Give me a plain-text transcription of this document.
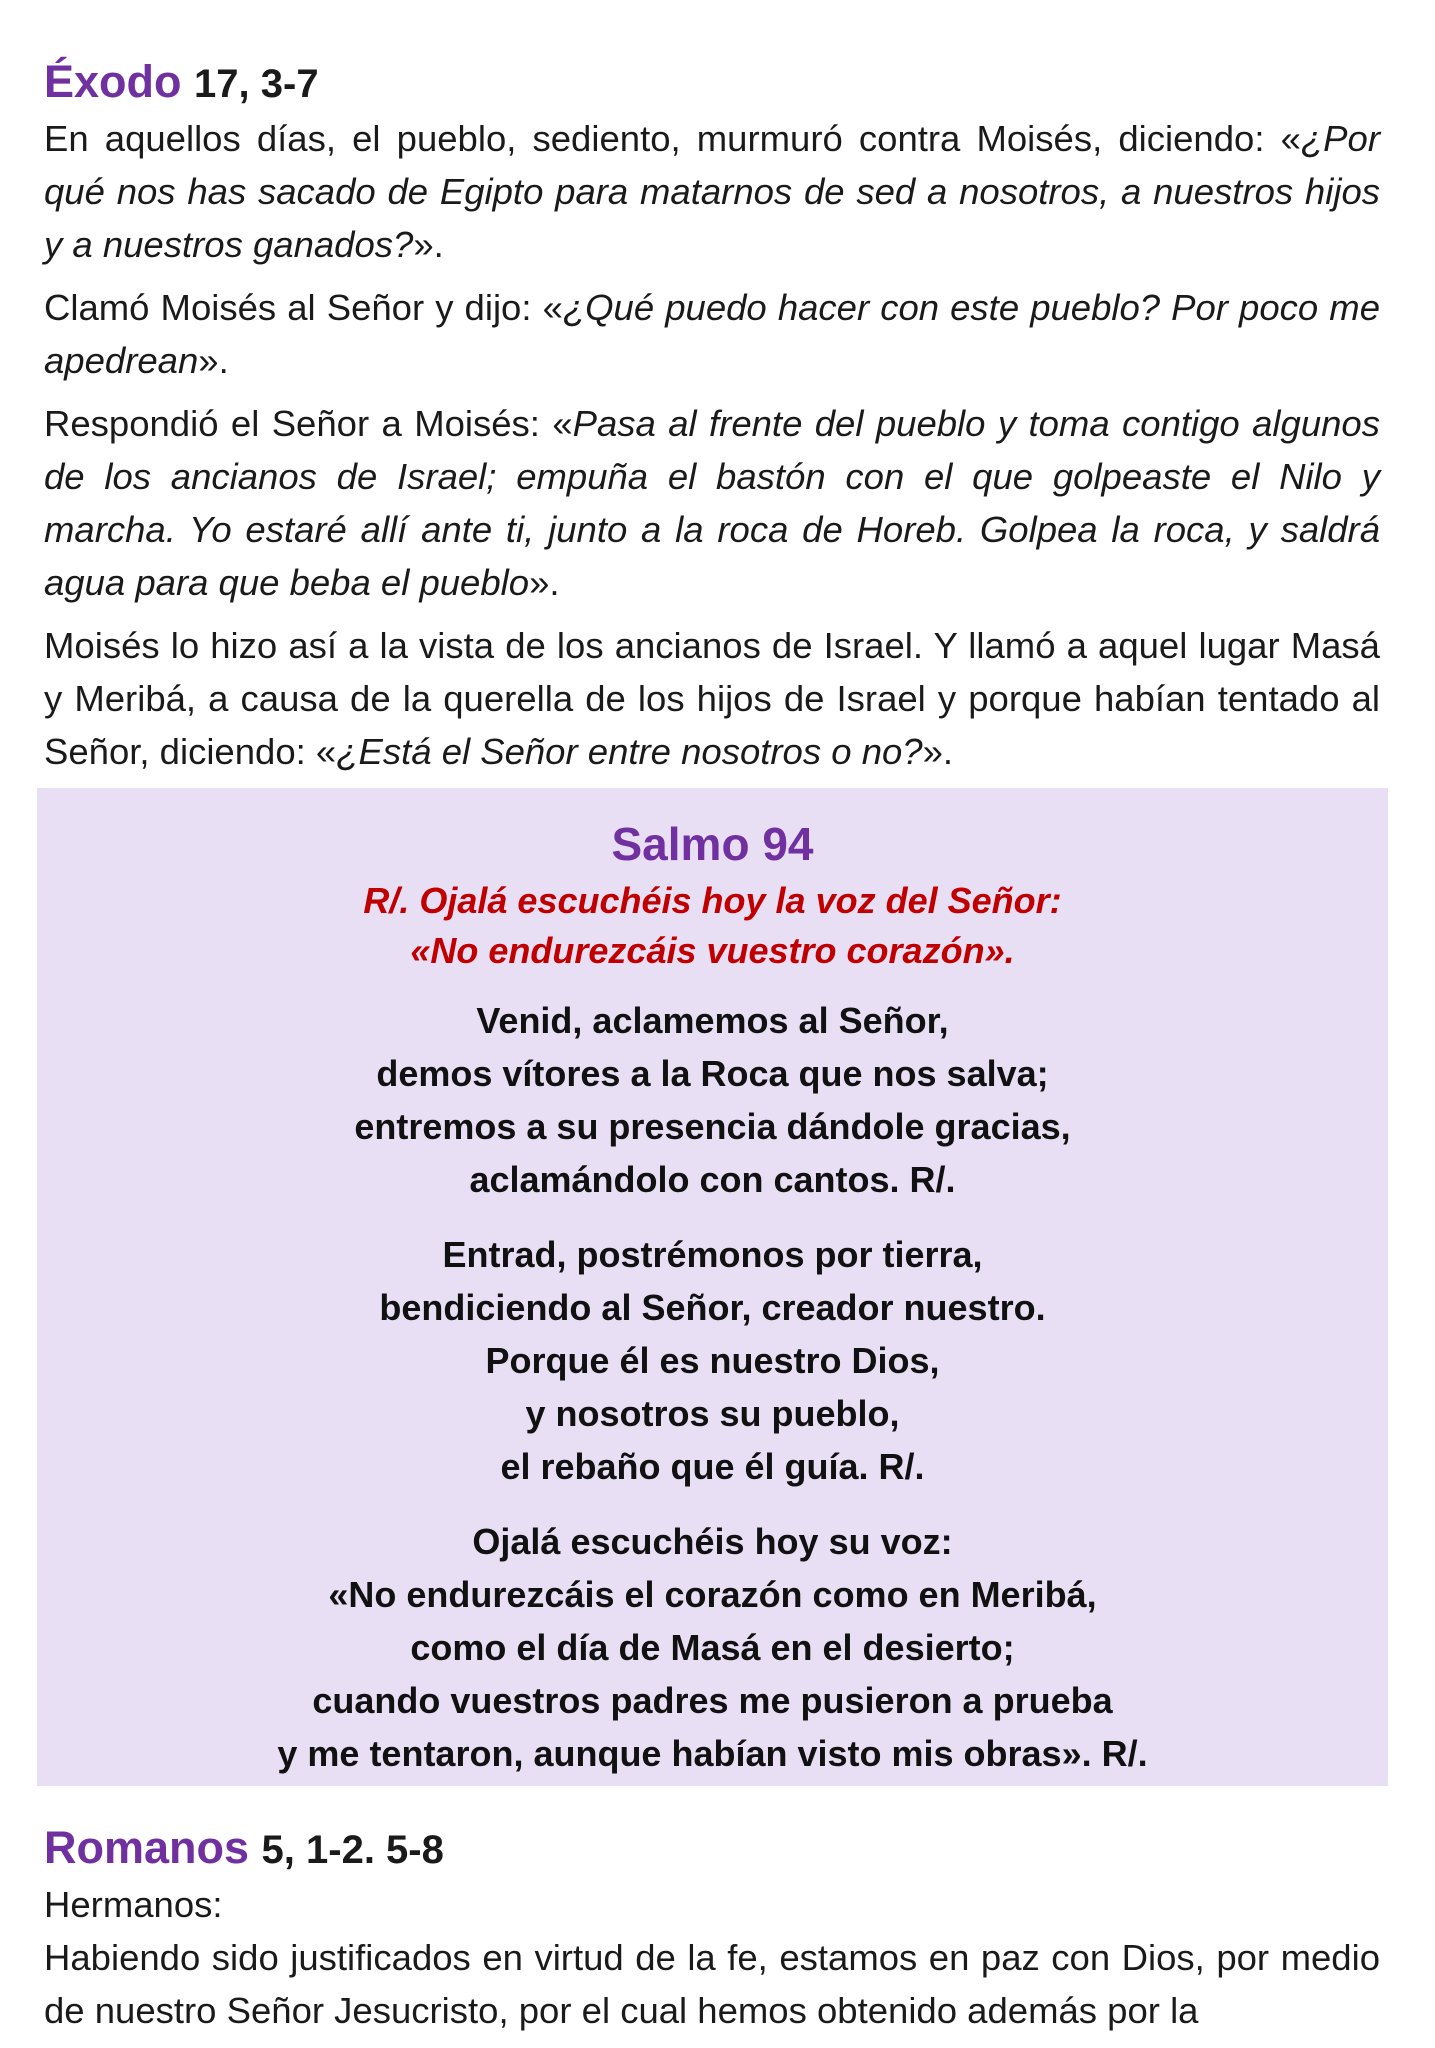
Éxodo 17, 3-7

En aquellos días, el pueblo, sediento, murmuró contra Moisés, diciendo: «¿Por qué nos has sacado de Egipto para matarnos de sed a nosotros, a nuestros hijos y a nuestros ganados?».

Clamó Moisés al Señor y dijo: «¿Qué puedo hacer con este pueblo? Por poco me apedrean».

Respondió el Señor a Moisés: «Pasa al frente del pueblo y toma contigo algunos de los ancianos de Israel; empuña el bastón con el que golpeaste el Nilo y marcha. Yo estaré allí ante ti, junto a la roca de Horeb. Golpea la roca, y saldrá agua para que beba el pueblo».

Moisés lo hizo así a la vista de los ancianos de Israel. Y llamó a aquel lugar Masá y Meribá, a causa de la querella de los hijos de Israel y porque habían tentado al Señor, diciendo: «¿Está el Señor entre nosotros o no?».

Salmo 94
R/. Ojalá escuchéis hoy la voz del Señor:
«No endurezcáis vuestro corazón».
Venid, aclamemos al Señor,
demos vítores a la Roca que nos salva;
entremos a su presencia dándole gracias,
aclamándolo con cantos. R/.
Entrad, postrémonos por tierra,
bendiciendo al Señor, creador nuestro.
Porque él es nuestro Dios,
y nosotros su pueblo,
el rebaño que él guía. R/.
Ojalá escuchéis hoy su voz:
«No endurezcáis el corazón como en Meribá,
como el día de Masá en el desierto;
cuando vuestros padres me pusieron a prueba
y me tentaron, aunque habían visto mis obras». R/.
Romanos 5, 1-2. 5-8

Hermanos:

Habiendo sido justificados en virtud de la fe, estamos en paz con Dios, por medio de nuestro Señor Jesucristo, por el cual hemos obtenido además por la
